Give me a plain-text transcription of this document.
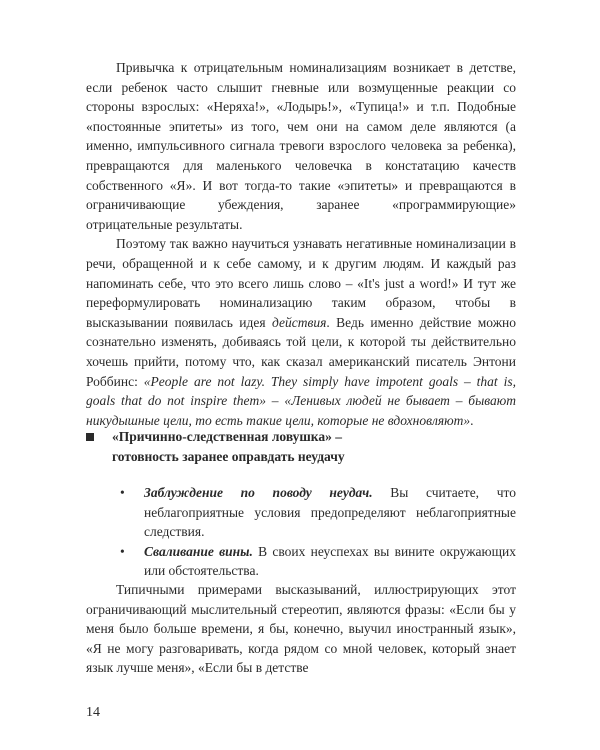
Привычка к отрицательным номинализациям возникает в детстве, если ребенок часто слышит гневные или возмущенные реакции со стороны взрослых: «Неряха!», «Лодырь!», «Тупица!» и т.п. Подобные «постоянные эпитеты» из того, чем они на самом деле являются (а именно, импульсивного сигнала тревоги взрослого человека за ребенка), превращаются для маленького человечка в констатацию качеств собственного «Я». И вот тогда-то такие «эпитеты» и превращаются в ограничивающие убеждения, заранее «программирующие» отрицательные результаты.

Поэтому так важно научиться узнавать негативные номинализации в речи, обращенной и к себе самому, и к другим людям. И каждый раз напоминать себе, что это всего лишь слово – «It's just a word!» И тут же переформулировать номинализацию таким образом, чтобы в высказывании появилась идея действия. Ведь именно действие можно сознательно изменять, добиваясь той цели, к которой ты действительно хочешь прийти, потому что, как сказал американский писатель Энтони Роббинс: «People are not lazy. They simply have impotent goals – that is, goals that do not inspire them» – «Ленивых людей не бывает – бывают никудышные цели, то есть такие цели, которые не вдохновляют».

«Причинно-следственная ловушка» –
готовность заранее оправдать неудачу
• Заблуждение по поводу неудач. Вы считаете, что неблагоприятные условия предопределяют неблагоприятные следствия.
• Сваливание вины. В своих неуспехах вы вините окружающих или обстоятельства.

Типичными примерами высказываний, иллюстрирующих этот ограничивающий мыслительный стереотип, являются фразы: «Если бы у меня было больше времени, я бы, конечно, выучил иностранный язык», «Я не могу разговаривать, когда рядом со мной человек, который знает язык лучше меня», «Если бы в детстве

14
